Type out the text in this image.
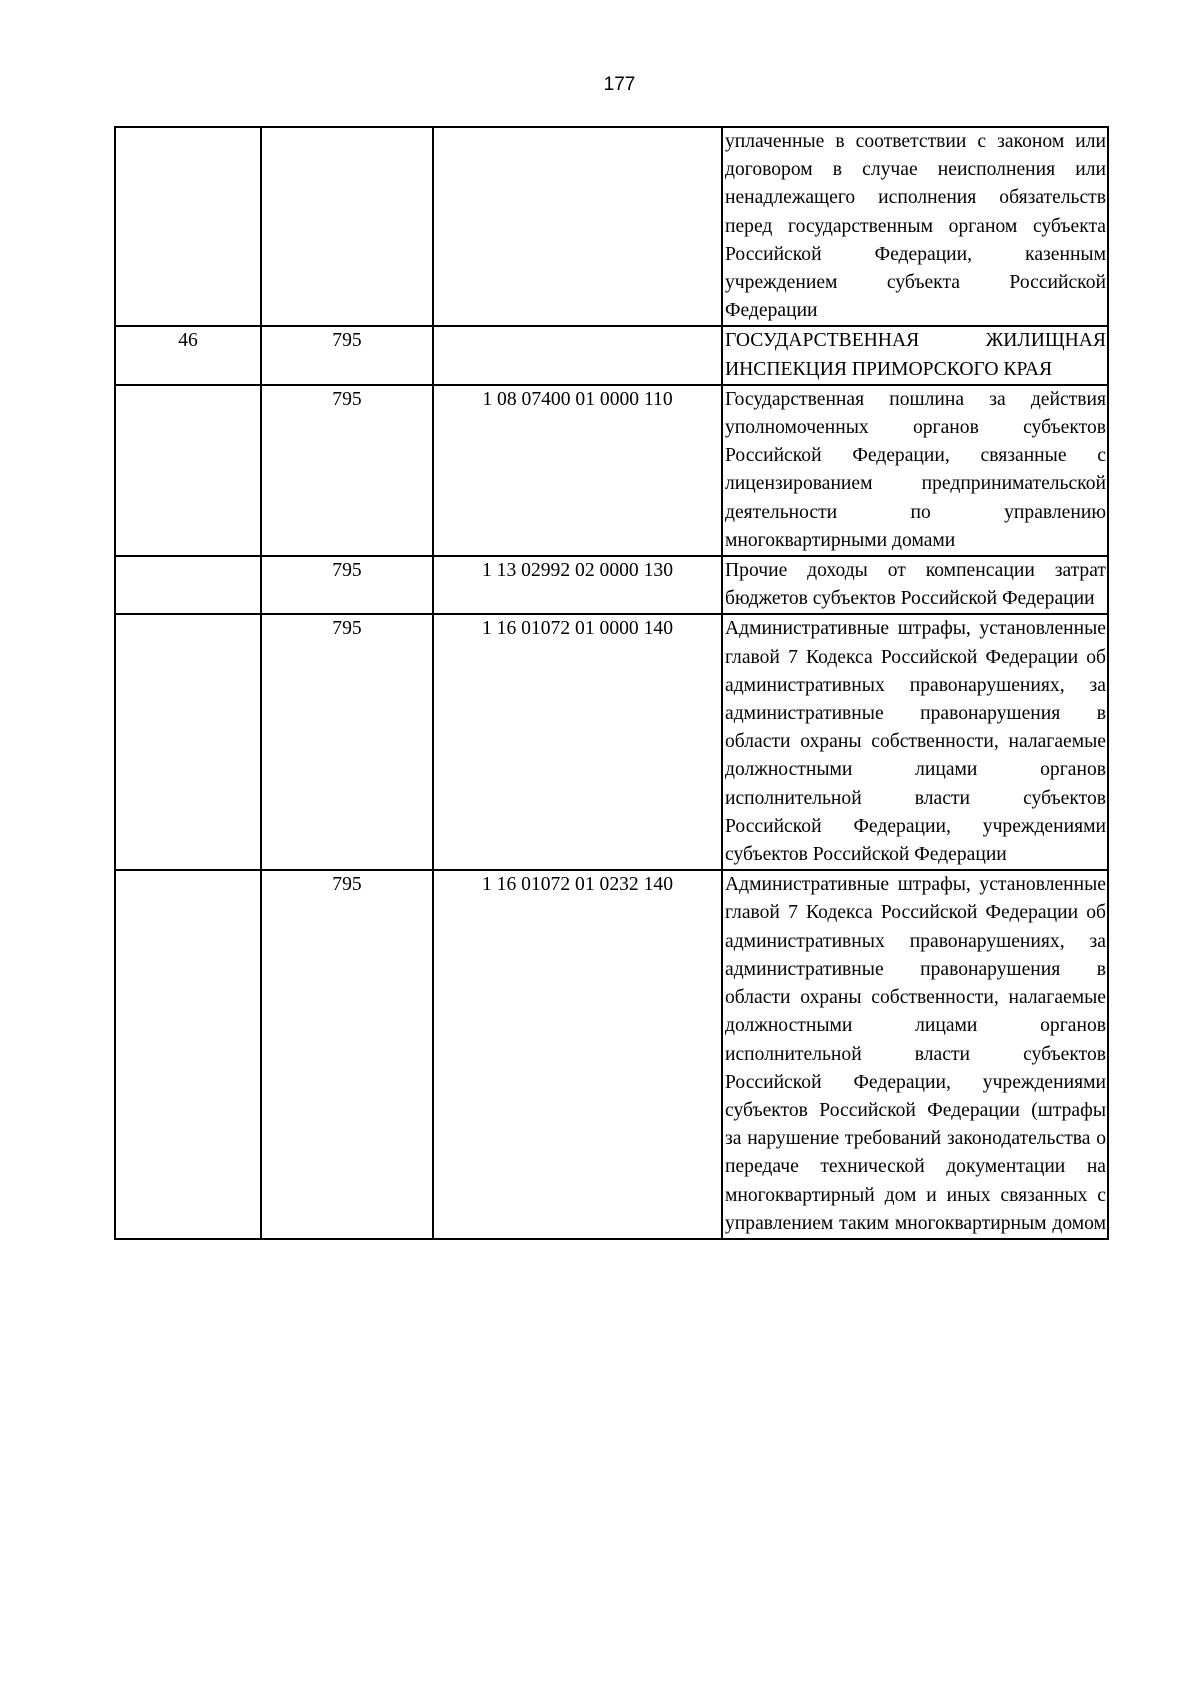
177
			уплаченные в соответствии с законом или договором в случае неисполнения или ненадлежащего исполнения обязательств перед государственным органом субъекта Российской Федерации, казенным учреждением субъекта Российской Федерации
46	795		ГОСУДАРСТВЕННАЯ ЖИЛИЩНАЯ ИНСПЕКЦИЯ ПРИМОРСКОГО КРАЯ
	795	1 08 07400 01 0000 110	Государственная пошлина за действия уполномоченных органов субъектов Российской Федерации, связанные с лицензированием предпринимательской деятельности по управлению многоквартирными домами
	795	1 13 02992 02 0000 130	Прочие доходы от компенсации затрат бюджетов субъектов Российской Федерации
	795	1 16 01072 01 0000 140	Административные штрафы, установленные главой 7 Кодекса Российской Федерации об административных правонарушениях, за административные правонарушения в области охраны собственности, налагаемые должностными лицами органов исполнительной власти субъектов Российской Федерации, учреждениями субъектов Российской Федерации
	795	1 16 01072 01 0232 140	Административные штрафы, установленные главой 7 Кодекса Российской Федерации об административных правонарушениях, за административные правонарушения в области охраны собственности, налагаемые должностными лицами органов исполнительной власти субъектов Российской Федерации, учреждениями субъектов Российской Федерации (штрафы за нарушение требований законодательства о передаче технической документации на многоквартирный дом и иных связанных с управлением таким многоквартирным домом
